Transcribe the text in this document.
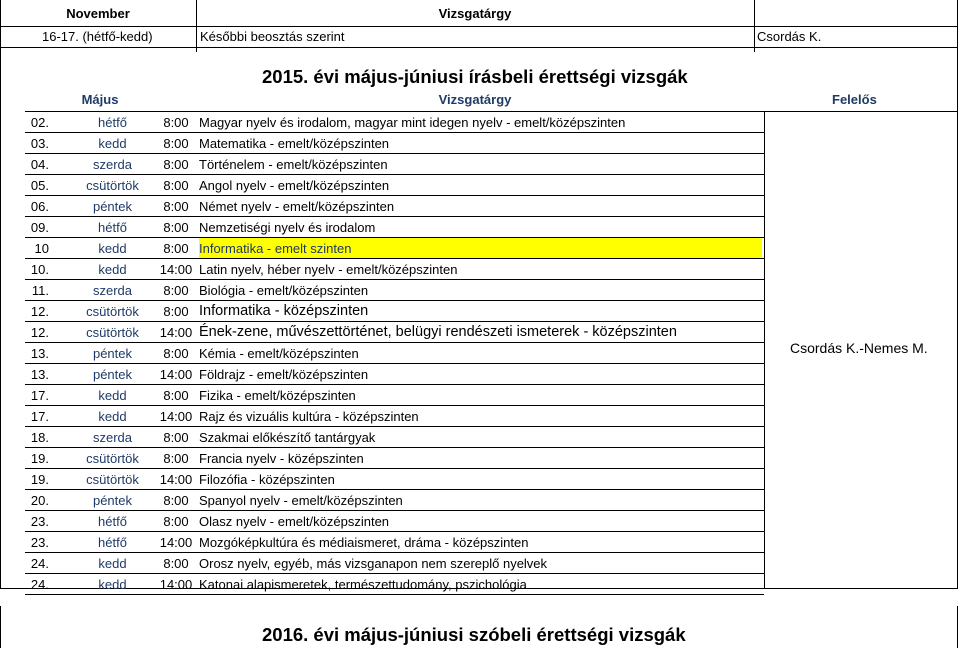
November	Vizsgatárgy
16-17. (hétfő-kedd)	Későbbi beosztás szerint	Csordás K.
2015. évi május-júniusi írásbeli érettségi vizsgák
Május	Vizsgatárgy	Felelős
02.	hétfő	8:00 Magyar nyelv és irodalom, magyar mint idegen nyelv - emelt/középszinten
03.	kedd	8:00 Matematika - emelt/középszinten
04.	szerda	8:00 Történelem - emelt/középszinten
05.	csütörtök	8:00 Angol nyelv - emelt/középszinten
06.	péntek	8:00 Német nyelv - emelt/középszinten
09.	hétfő	8:00 Nemzetiségi nyelv és irodalom
10	kedd	8:00 Informatika - emelt szinten
10.	kedd	14:00 Latin nyelv, héber nyelv - emelt/középszinten
11.	szerda	8:00 Biológia - emelt/középszinten
12.	csütörtök	8:00 Informatika - középszinten
12.	csütörtök	14:00 Ének-zene, művészettörténet, belügyi rendészeti ismeterek - középszinten
13.	péntek	8:00 Kémia - emelt/középszinten
13.	péntek	14:00 Földrajz - emelt/középszinten
17.	kedd	8:00 Fizika - emelt/középszinten
17.	kedd	14:00 Rajz és vizuális kultúra - középszinten
18.	szerda	8:00 Szakmai előkészítő tantárgyak
19.	csütörtök	8:00 Francia nyelv - középszinten
19.	csütörtök	14:00 Filozófia - középszinten
20.	péntek	8:00 Spanyol nyelv - emelt/középszinten
23.	hétfő	8:00 Olasz nyelv - emelt/középszinten
23.	hétfő	14:00 Mozgóképkultúra és médiaismeret, dráma - középszinten
24.	kedd	8:00 Orosz nyelv, egyéb, más vizsganapon nem szereplő nyelvek
24.	kedd	14:00 Katonai alapismeretek, természettudomány, pszichológia
Csordás K.-Nemes M.
2016. évi május-júniusi szóbeli érettségi vizsgák
